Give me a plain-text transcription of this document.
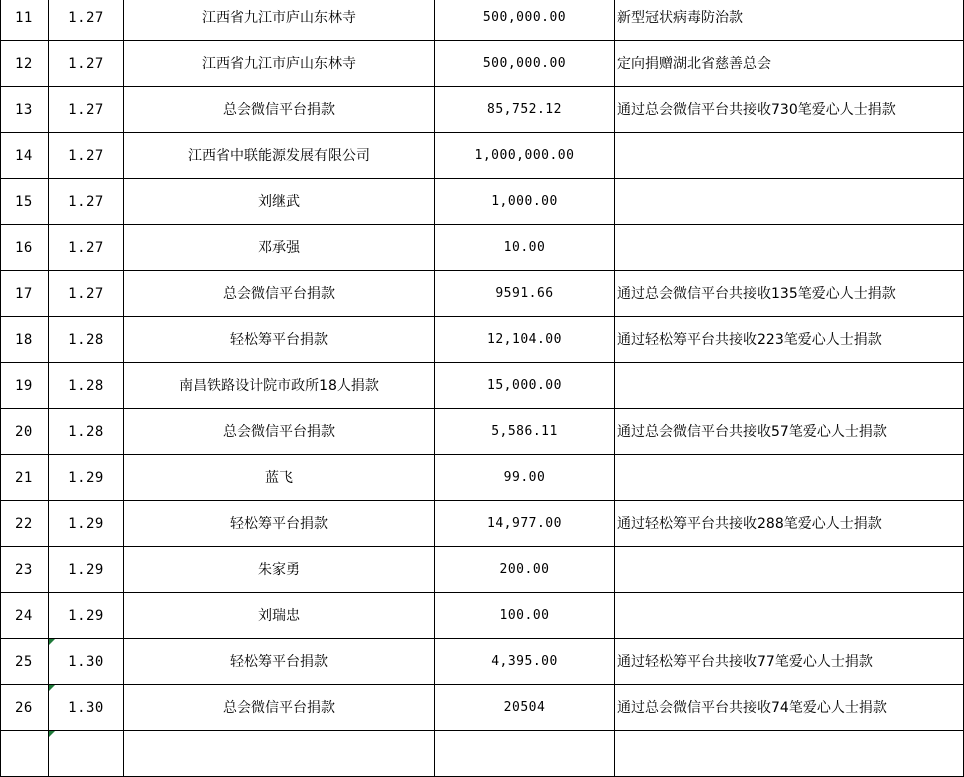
11	1.27	江西省九江市庐山东林寺	500,000.00	新型冠状病毒防治款
12	1.27	江西省九江市庐山东林寺	500,000.00	定向捐赠湖北省慈善总会
13	1.27	总会微信平台捐款	85,752.12	通过总会微信平台共接收730笔爱心人士捐款
14	1.27	江西省中联能源发展有限公司	1,000,000.00	
15	1.27	刘继武	1,000.00	
16	1.27	邓承强	10.00	
17	1.27	总会微信平台捐款	9591.66	通过总会微信平台共接收135笔爱心人士捐款
18	1.28	轻松筹平台捐款	12,104.00	通过轻松筹平台共接收223笔爱心人士捐款
19	1.28	南昌铁路设计院市政所18人捐款	15,000.00	
20	1.28	总会微信平台捐款	5,586.11	通过总会微信平台共接收57笔爱心人士捐款
21	1.29	蓝飞	99.00	
22	1.29	轻松筹平台捐款	14,977.00	通过轻松筹平台共接收288笔爱心人士捐款
23	1.29	朱家勇	200.00	
24	1.29	刘瑞忠	100.00	
25	1.30	轻松筹平台捐款	4,395.00	通过轻松筹平台共接收77笔爱心人士捐款
26	1.30	总会微信平台捐款	20504	通过总会微信平台共接收74笔爱心人士捐款
